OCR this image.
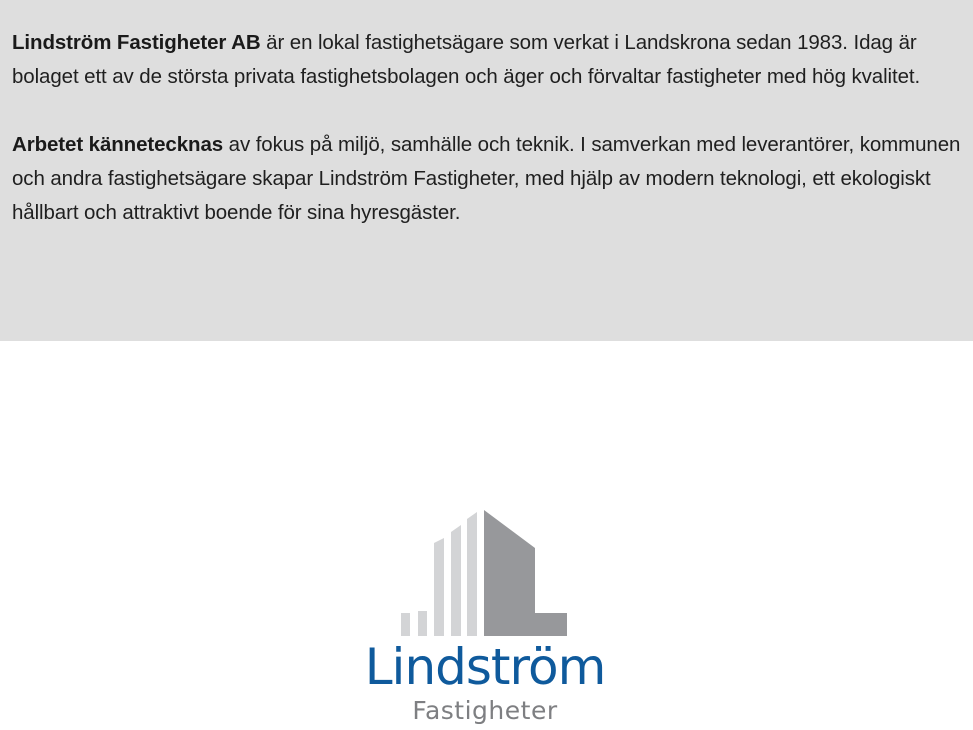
Lindström Fastigheter AB är en lokal fastighetsägare som verkat i Landskrona sedan 1983. Idag är bolaget ett av de största privata fastighetsbolagen och äger och förvaltar fastigheter med hög kvalitet.

Arbetet kännetecknas av fokus på miljö, samhälle och teknik. I samverkan med leverantörer, kommunen och andra fastighetsägare skapar Lindström Fastigheter, med hjälp av modern teknologi, ett ekologiskt hållbart och attraktivt boende för sina hyresgäster.

Lindström
Fastigheter
